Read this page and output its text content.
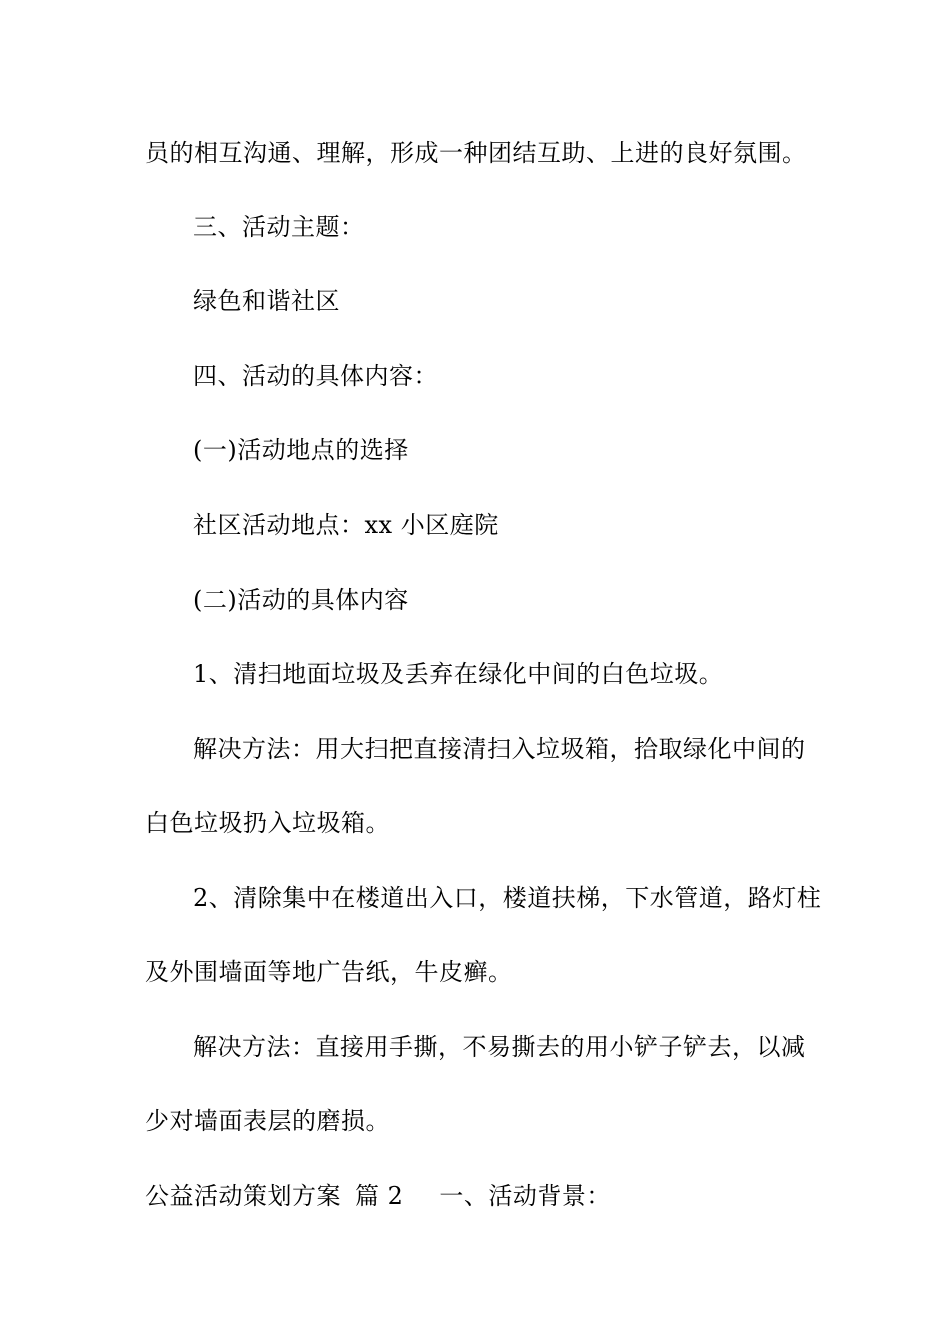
员的相互沟通、理解，形成一种团结互助、上进的良好氛围。
三、活动主题：
绿色和谐社区
四、活动的具体内容：
(一)活动地点的选择
社区活动地点：xx 小区庭院
(二)活动的具体内容
1、清扫地面垃圾及丢弃在绿化中间的白色垃圾。
解决方法：用大扫把直接清扫入垃圾箱，拾取绿化中间的
白色垃圾扔入垃圾箱。
2、清除集中在楼道出入口，楼道扶梯，下水管道，路灯柱
及外围墙面等地广告纸，牛皮癣。
解决方法：直接用手撕，不易撕去的用小铲子铲去，以减
少对墙面表层的磨损。
公益活动策划方案 篇 2 一、活动背景：
